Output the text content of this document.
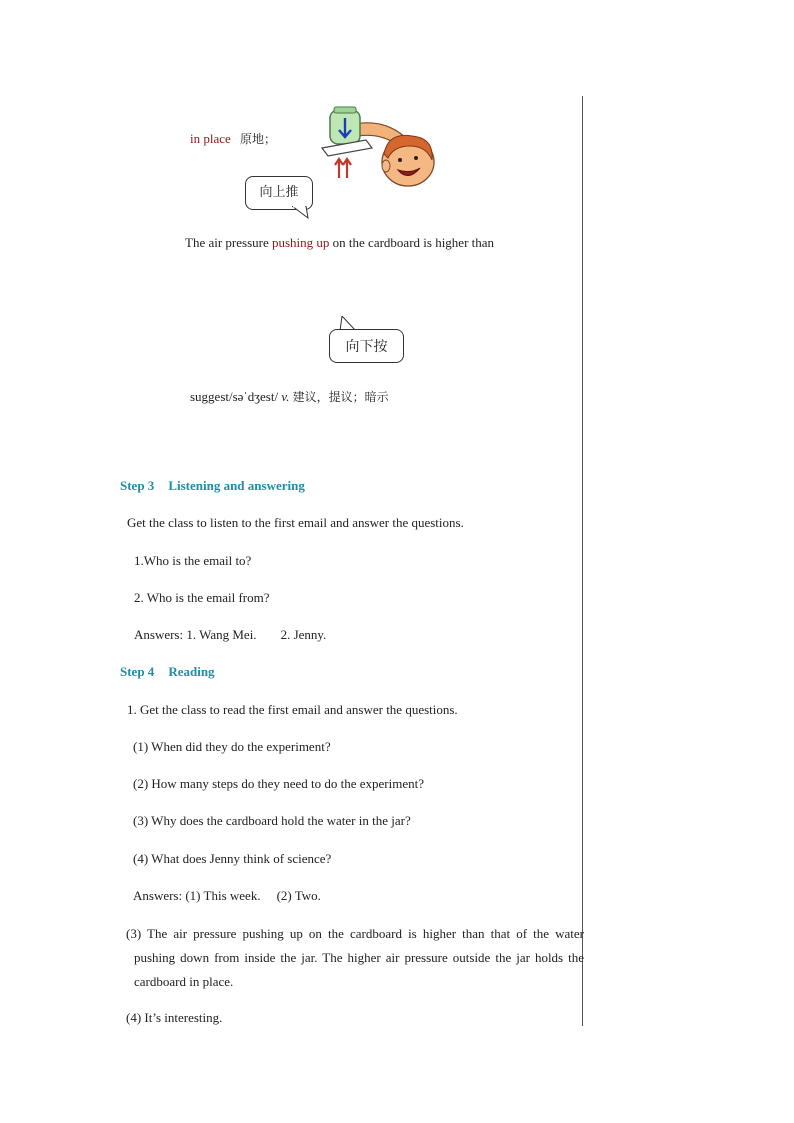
in place 原地；
向上推
The air pressure pushing up on the cardboard is higher than
向下按
suggest/səˈdʒest/ v. 建议，提议；暗示
Step 3 Listening and answering
Get the class to listen to the first email and answer the questions.
1.Who is the email to?
2. Who is the email from?
Answers: 1. Wang Mei. 2. Jenny.
Step 4 Reading
1. Get the class to read the first email and answer the questions.
(1) When did they do the experiment?
(2) How many steps do they need to do the experiment?
(3) Why does the cardboard hold the water in the jar?
(4) What does Jenny think of science?
Answers: (1) This week. (2) Two.
(3) The air pressure pushing up on the cardboard is higher than that of the water pushing down from inside the jar. The higher air pressure outside the jar holds the cardboard in place.
(4) It’s interesting.
